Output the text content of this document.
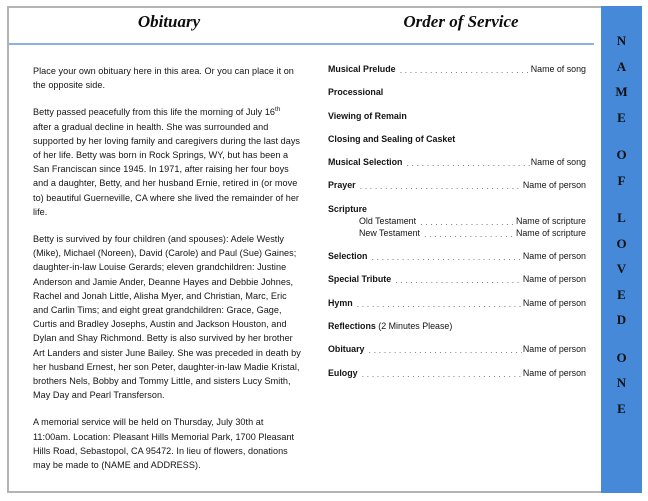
Obituary	Order of Service

Place your own obituary here in this area. Or you can place it on the opposite side.

Betty passed peacefully from this life the morning of July 16th after a gradual decline in health. She was surrounded and supported by her loving family and caregivers during the last days of her life. Betty was born in Rock Springs, WY, but has been a San Franciscan since 1945. In 1971, after raising her four boys and a daughter, Betty, and her husband Ernie, retired in (or move to) beautiful Guerneville, CA where she lived the remainder of her life.

Betty is survived by four children (and spouses): Adele Westly (Mike), Michael (Noreen), David (Carole) and Paul (Sue) Gaines; daughter-in-law Louise Gerards; eleven grandchildren: Justine Anderson and Jamie Ander, Deanne Hayes and Debbie Johnes, Rachel and Jonah Little, Alisha Myer, and Christian, Marc, Eric and Carlin Tims; and eight great grandchildren: Grace, Gage, Curtis and Bradley Josephs, Austin and Jackson Houston, and Dylan and Shay Richmond. Betty is also survived by her brother Art Landers and sister June Bailey. She was preceded in death by her husband Ernest, her son Peter, daughter-in-law Madie Kristal, brothers Nels, Bobby and Tommy Little, and sisters Lucy Smith, May Day and Pearl Transferson.

A memorial service will be held on Thursday, July 30th at 11:00am. Location: Pleasant Hills Memorial Park, 1700 Pleasant Hills Road, Sebastopol, CA 95472. In lieu of flowers, donations may be made to (NAME and ADDRESS).

Musical Prelude .....	Name of song
Processional
Viewing of Remain
Closing and Sealing of Casket
Musical Selection .....	Name of song
Prayer .....	Name of person
Scripture
Old Testament .....	Name of scripture
New Testament .....	Name of scripture
Selection .....	Name of person
Special Tribute .....	Name of person
Hymn .....	Name of person
Reflections (2 Minutes Please)
Obituary .....	Name of person
Eulogy .....	Name of person
N
A
M
E
O
F
L
O
V
E
D
O
N
E
